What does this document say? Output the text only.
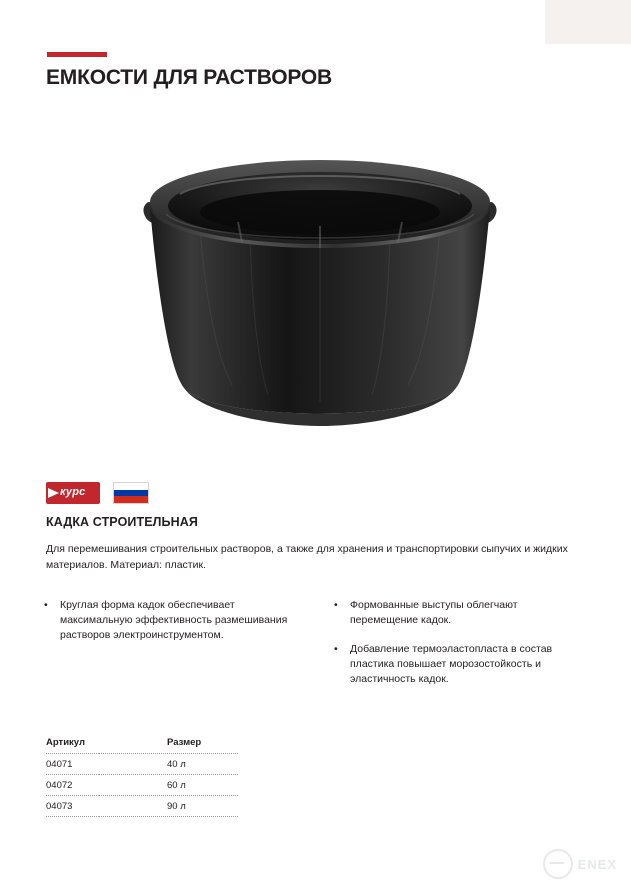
ЕМКОСТИ ДЛЯ РАСТВОРОВ
курс
КАДКА СТРОИТЕЛЬНАЯ
Для перемешивания строительных растворов, а также для хранения и транспортировки сыпучих и жидких материалов. Материал: пластик.
•	Круглая форма кадок обеспечивает максимальную эффективность размешивания растворов электроинструментом.
•	Формованные выступы облегчают перемещение кадок.
•	Добавление термоэластопласта в состав пластика повышает морозостойкость и эластичность кадок.
Артикул	Размер
04071	40 л
04072	60 л
04073	90 л
ENEX
